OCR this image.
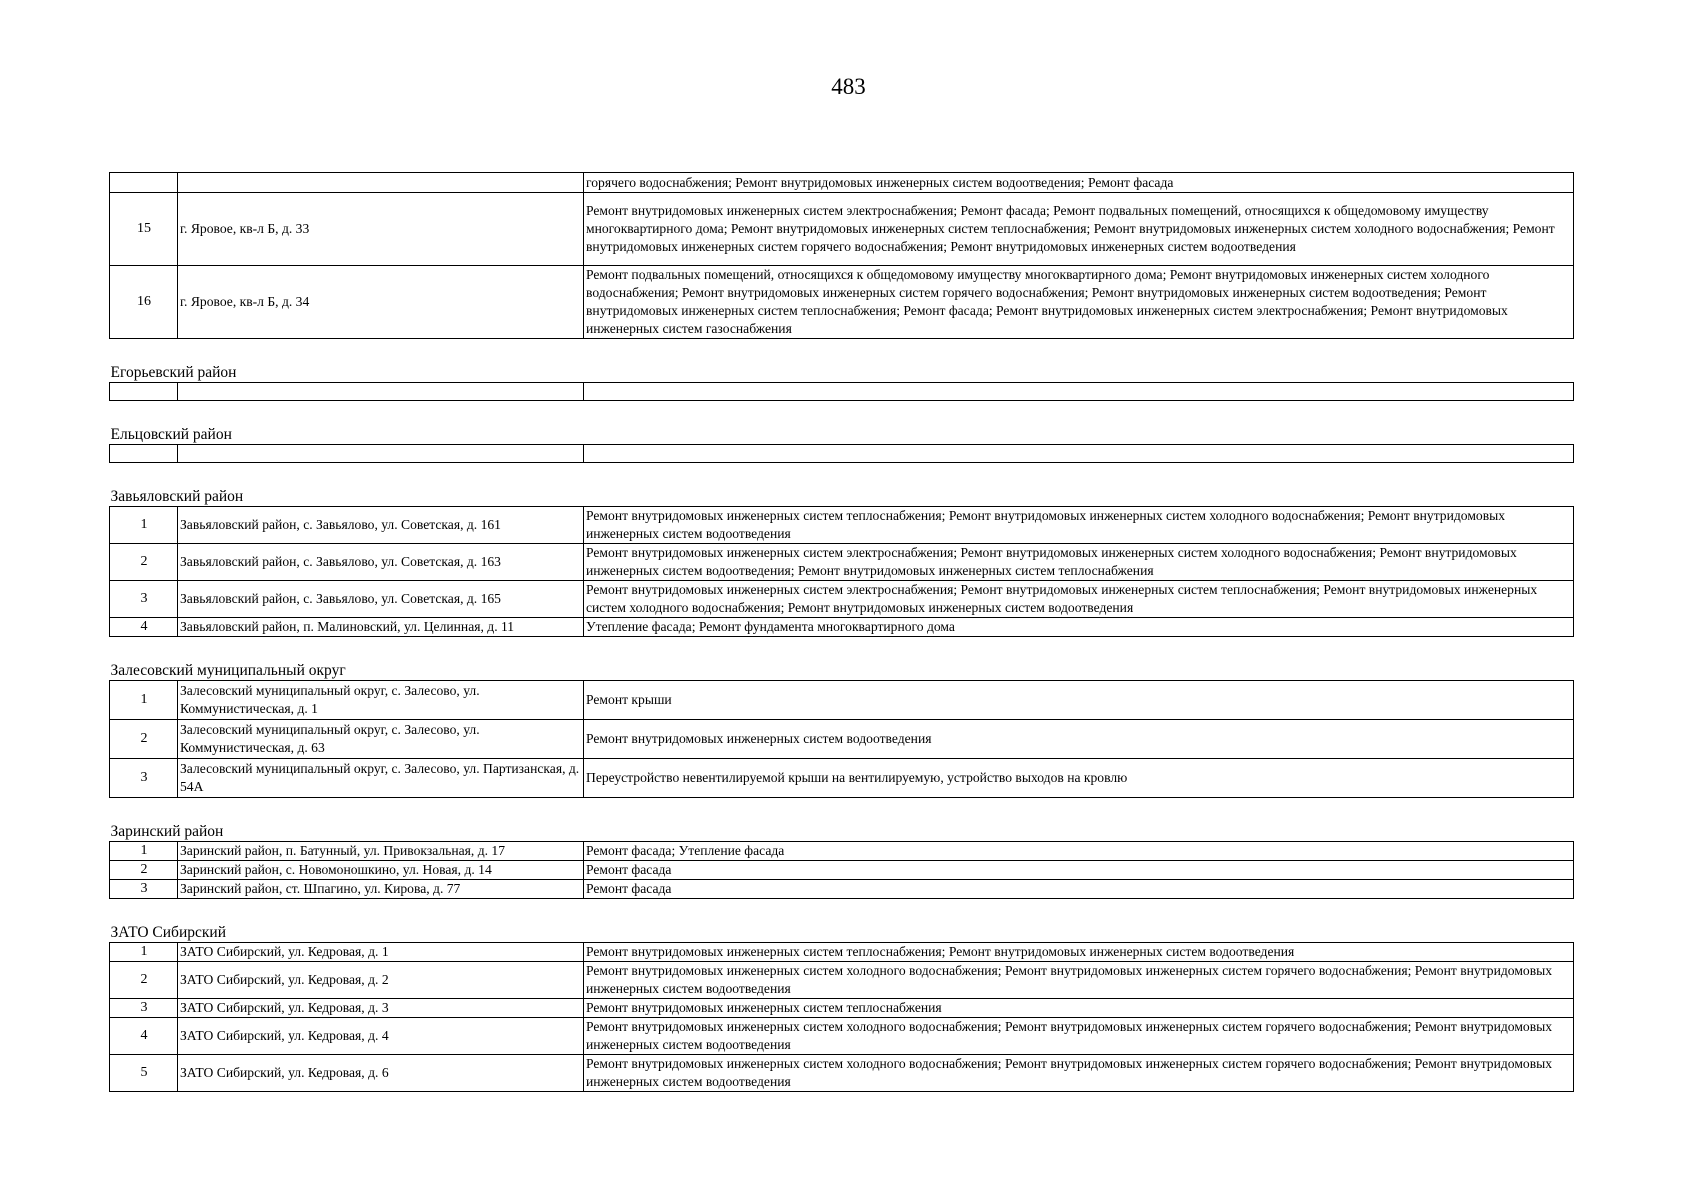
483
		горячего водоснабжения; Ремонт внутридомовых инженерных систем водоотведения; Ремонт фасада
15	г. Яровое, кв-л Б, д. 33	Ремонт внутридомовых инженерных систем электроснабжения; Ремонт фасада; Ремонт подвальных помещений, относящихся к общедомовому имуществу многоквартирного дома; Ремонт внутридомовых инженерных систем теплоснабжения; Ремонт внутридомовых инженерных систем холодного водоснабжения; Ремонт внутридомовых инженерных систем горячего водоснабжения; Ремонт внутридомовых инженерных систем водоотведения
16	г. Яровое, кв-л Б, д. 34	Ремонт подвальных помещений, относящихся к общедомовому имуществу многоквартирного дома; Ремонт внутридомовых инженерных систем холодного водоснабжения; Ремонт внутридомовых инженерных систем горячего водоснабжения; Ремонт внутридомовых инженерных систем водоотведения; Ремонт внутридомовых инженерных систем теплоснабжения; Ремонт фасада; Ремонт внутридомовых инженерных систем электроснабжения; Ремонт внутридомовых инженерных систем газоснабжения
Егорьевский район		

Ельцовский район		

Завьяловский район		
1	Завьяловский район, с. Завьялово, ул. Советская, д. 161	Ремонт внутридомовых инженерных систем теплоснабжения; Ремонт внутридомовых инженерных систем холодного водоснабжения; Ремонт внутридомовых инженерных систем водоотведения
2	Завьяловский район, с. Завьялово, ул. Советская, д. 163	Ремонт внутридомовых инженерных систем электроснабжения; Ремонт внутридомовых инженерных систем холодного водоснабжения; Ремонт внутридомовых инженерных систем водоотведения; Ремонт внутридомовых инженерных систем теплоснабжения
3	Завьяловский район, с. Завьялово, ул. Советская, д. 165	Ремонт внутридомовых инженерных систем электроснабжения; Ремонт внутридомовых инженерных систем теплоснабжения; Ремонт внутридомовых инженерных систем холодного водоснабжения; Ремонт внутридомовых инженерных систем водоотведения
4	Завьяловский район, п. Малиновский, ул. Целинная, д. 11	Утепление фасада; Ремонт фундамента многоквартирного дома
Залесовский муниципальный округ		
1	Залесовский муниципальный округ, с. Залесово, ул. Коммунистическая, д. 1	Ремонт крыши
2	Залесовский муниципальный округ, с. Залесово, ул. Коммунистическая, д. 63	Ремонт внутридомовых инженерных систем водоотведения
3	Залесовский муниципальный округ, с. Залесово, ул. Партизанская, д. 54А	Переустройство невентилируемой крыши на вентилируемую, устройство выходов на кровлю
Заринский район		
1	Заринский район, п. Батунный, ул. Привокзальная, д. 17	Ремонт фасада; Утепление фасада
2	Заринский район, с. Новомоношкино, ул. Новая, д. 14	Ремонт фасада
3	Заринский район, ст. Шпагино, ул. Кирова, д. 77	Ремонт фасада
ЗАТО Сибирский		
1	ЗАТО Сибирский, ул. Кедровая, д. 1	Ремонт внутридомовых инженерных систем теплоснабжения; Ремонт внутридомовых инженерных систем водоотведения
2	ЗАТО Сибирский, ул. Кедровая, д. 2	Ремонт внутридомовых инженерных систем холодного водоснабжения; Ремонт внутридомовых инженерных систем горячего водоснабжения; Ремонт внутридомовых инженерных систем водоотведения
3	ЗАТО Сибирский, ул. Кедровая, д. 3	Ремонт внутридомовых инженерных систем теплоснабжения
4	ЗАТО Сибирский, ул. Кедровая, д. 4	Ремонт внутридомовых инженерных систем холодного водоснабжения; Ремонт внутридомовых инженерных систем горячего водоснабжения; Ремонт внутридомовых инженерных систем водоотведения
5	ЗАТО Сибирский, ул. Кедровая, д. 6	Ремонт внутридомовых инженерных систем холодного водоснабжения; Ремонт внутридомовых инженерных систем горячего водоснабжения; Ремонт внутридомовых инженерных систем водоотведения
